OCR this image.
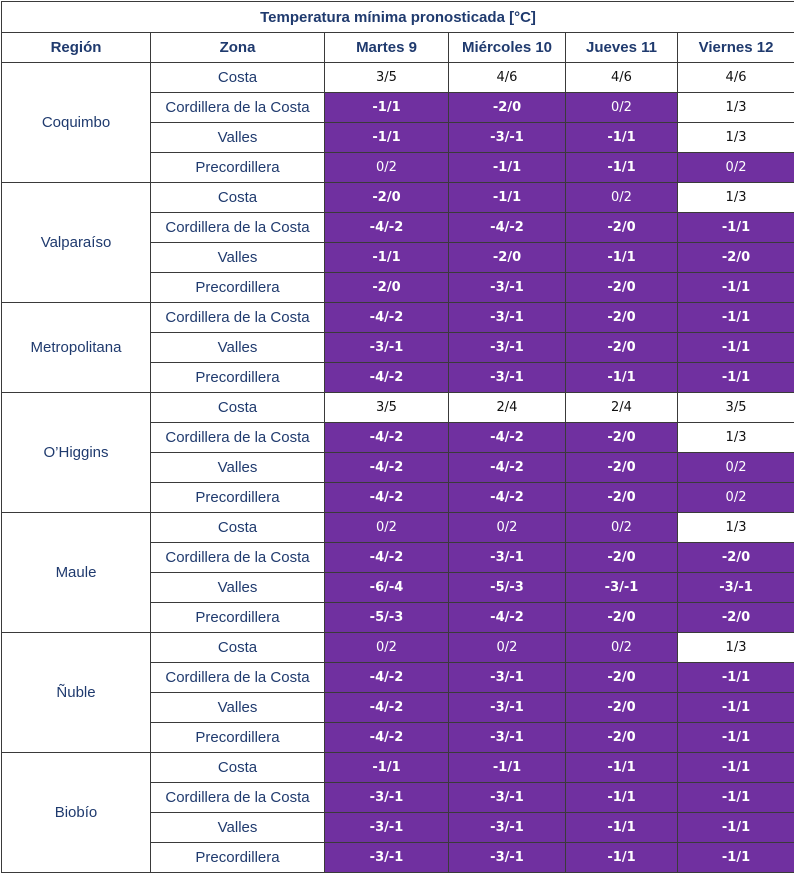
Temperatura mínima pronosticada [°C]					
Región	Zona	Martes 9	Miércoles 10	Jueves 11	Viernes 12
Coquimbo	Costa	3/5	4/6	4/6	4/6
	Cordillera de la Costa	-1/1	-2/0	0/2	1/3
	Valles	-1/1	-3/-1	-1/1	1/3
	Precordillera	0/2	-1/1	-1/1	0/2
Valparaíso	Costa	-2/0	-1/1	0/2	1/3
	Cordillera de la Costa	-4/-2	-4/-2	-2/0	-1/1
	Valles	-1/1	-2/0	-1/1	-2/0
	Precordillera	-2/0	-3/-1	-2/0	-1/1
Metropolitana	Cordillera de la Costa	-4/-2	-3/-1	-2/0	-1/1
	Valles	-3/-1	-3/-1	-2/0	-1/1
	Precordillera	-4/-2	-3/-1	-1/1	-1/1
O’Higgins	Costa	3/5	2/4	2/4	3/5
	Cordillera de la Costa	-4/-2	-4/-2	-2/0	1/3
	Valles	-4/-2	-4/-2	-2/0	0/2
	Precordillera	-4/-2	-4/-2	-2/0	0/2
Maule	Costa	0/2	0/2	0/2	1/3
	Cordillera de la Costa	-4/-2	-3/-1	-2/0	-2/0
	Valles	-6/-4	-5/-3	-3/-1	-3/-1
	Precordillera	-5/-3	-4/-2	-2/0	-2/0
Ñuble	Costa	0/2	0/2	0/2	1/3
	Cordillera de la Costa	-4/-2	-3/-1	-2/0	-1/1
	Valles	-4/-2	-3/-1	-2/0	-1/1
	Precordillera	-4/-2	-3/-1	-2/0	-1/1
Biobío	Costa	-1/1	-1/1	-1/1	-1/1
	Cordillera de la Costa	-3/-1	-3/-1	-1/1	-1/1
	Valles	-3/-1	-3/-1	-1/1	-1/1
	Precordillera	-3/-1	-3/-1	-1/1	-1/1
